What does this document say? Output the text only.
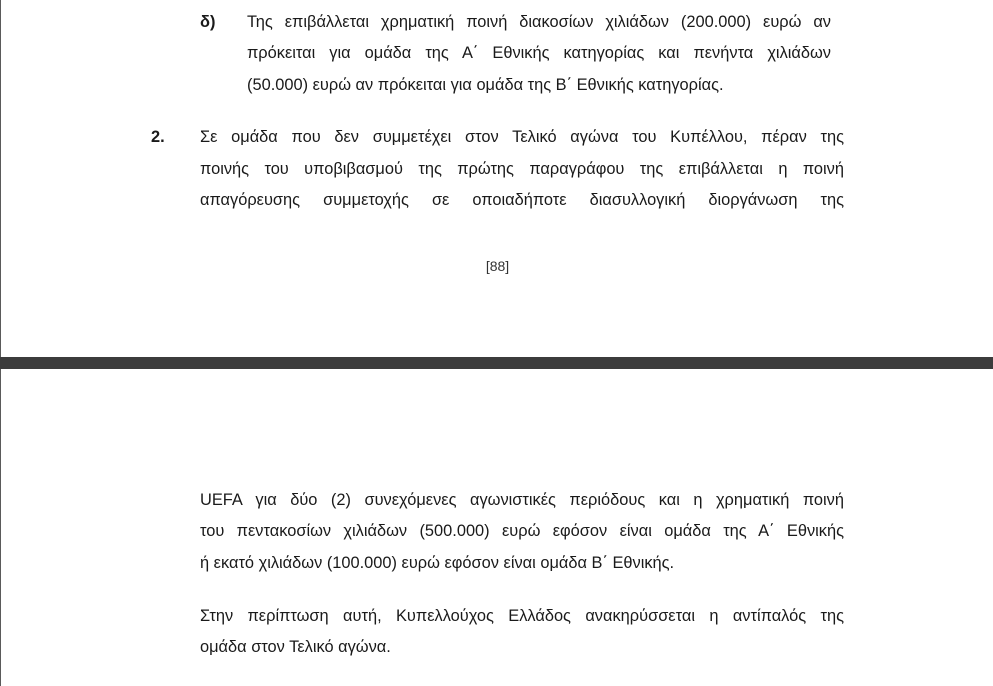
δ) Της επιβάλλεται χρηματική ποινή διακοσίων χιλιάδων (200.000) ευρώ αν
πρόκειται για ομάδα της Α΄ Εθνικής κατηγορίας και πενήντα χιλιάδων
(50.000) ευρώ αν πρόκειται για ομάδα της Β΄ Εθνικής κατηγορίας.
2. Σε ομάδα που δεν συμμετέχει στον Τελικό αγώνα του Κυπέλλου, πέραν της
ποινής του υποβιβασμού της πρώτης παραγράφου της επιβάλλεται η ποινή
απαγόρευσης συμμετοχής σε οποιαδήποτε διασυλλογική διοργάνωση της
[88]
UEFA για δύο (2) συνεχόμενες αγωνιστικές περιόδους και η χρηματική ποινή
του πεντακοσίων χιλιάδων (500.000) ευρώ εφόσον είναι ομάδα της Α΄ Εθνικής
ή εκατό χιλιάδων (100.000) ευρώ εφόσον είναι ομάδα Β΄ Εθνικής.
Στην περίπτωση αυτή, Κυπελλούχος Ελλάδος ανακηρύσσεται η αντίπαλός της
ομάδα στον Τελικό αγώνα.
